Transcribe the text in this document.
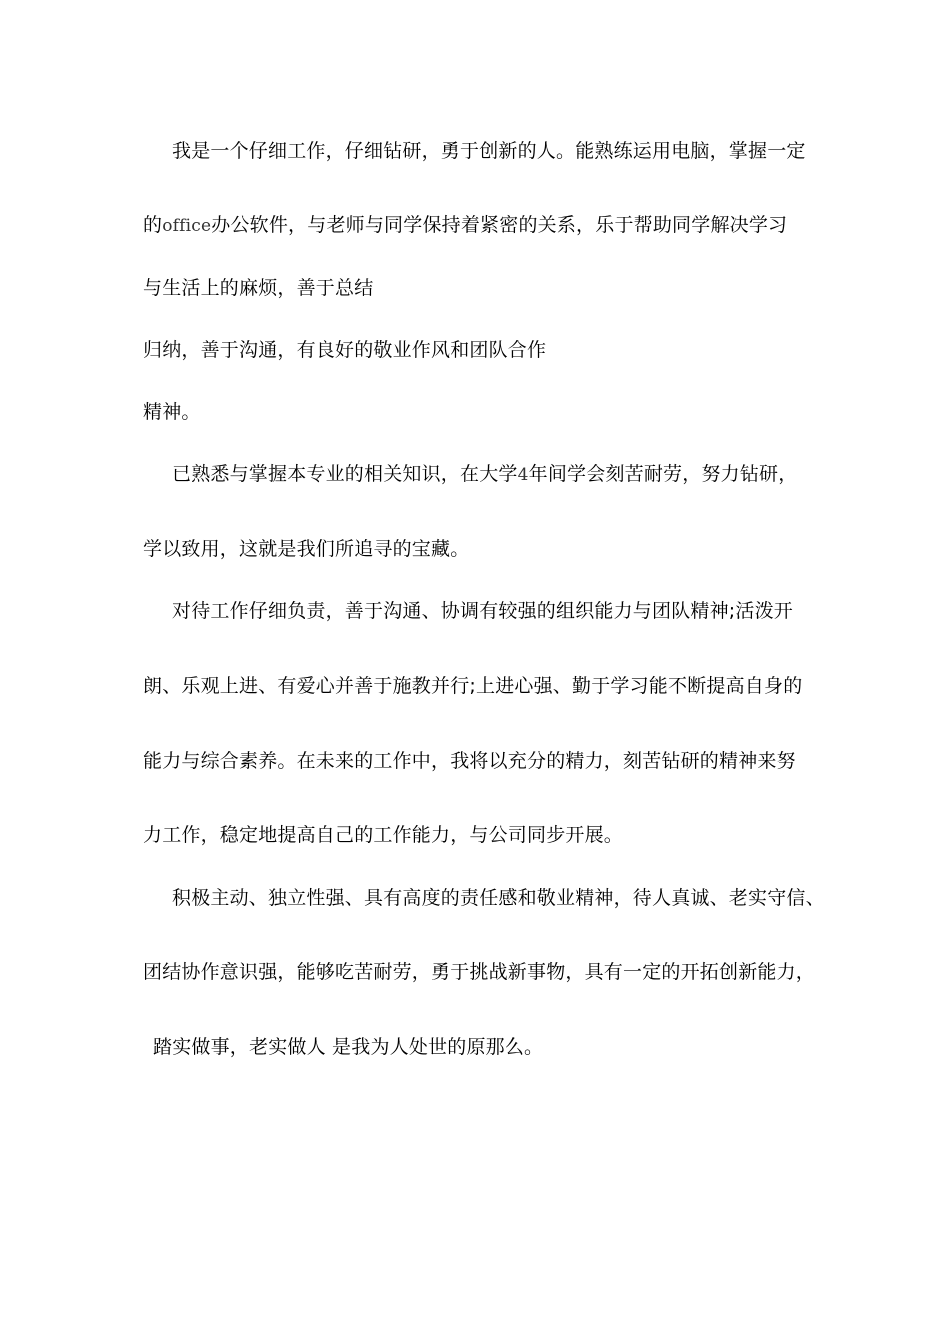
我是一个仔细工作，仔细钻研，勇于创新的人。能熟练运用电脑，掌握一定
的office办公软件，与老师与同学保持着紧密的关系，乐于帮助同学解决学习
与生活上的麻烦，善于总结
归纳，善于沟通，有良好的敬业作风和团队合作
精神。
已熟悉与掌握本专业的相关知识，在大学4年间学会刻苦耐劳，努力钻研，
学以致用，这就是我们所追寻的宝藏。
对待工作仔细负责，善于沟通、协调有较强的组织能力与团队精神;活泼开
朗、乐观上进、有爱心并善于施教并行;上进心强、勤于学习能不断提高自身的
能力与综合素养。在未来的工作中，我将以充分的精力，刻苦钻研的精神来努
力工作，稳定地提高自己的工作能力，与公司同步开展。
积极主动、独立性强、具有高度的责任感和敬业精神，待人真诚、老实守信、
团结协作意识强，能够吃苦耐劳，勇于挑战新事物，具有一定的开拓创新能力，
踏实做事，老实做人 是我为人处世的原那么。
